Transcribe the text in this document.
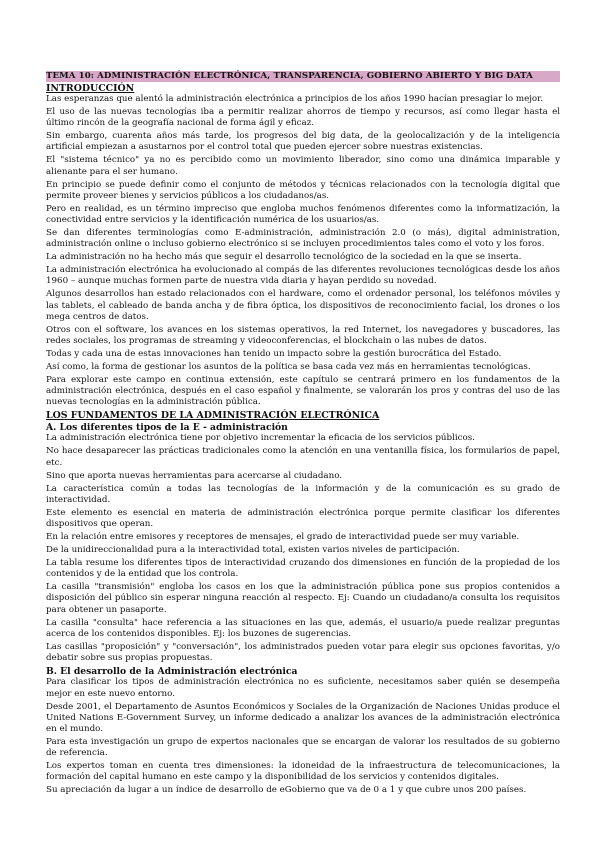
TEMA 10: ADMINISTRACIÓN ELECTRÓNICA, TRANSPARENCIA, GOBIERNO ABIERTO Y BIG DATA
INTRODUCCIÓN

Las esperanzas que alentó la administración electrónica a principios de los años 1990 hacían presagiar lo mejor.

El uso de las nuevas tecnologías iba a permitir realizar ahorros de tiempo y recursos, así como llegar hasta el último rincón de la geografía nacional de forma ágil y eficaz.

Sin embargo, cuarenta años más tarde, los progresos del big data, de la geolocalización y de la inteligencia artificial empiezan a asustarnos por el control total que pueden ejercer sobre nuestras existencias.

El "sistema técnico" ya no es percibido como un movimiento liberador, sino como una dinámica imparable y alienante para el ser humano.

En principio se puede definir como el conjunto de métodos y técnicas relacionados con la tecnología digital que permite proveer bienes y servicios públicos a los ciudadanos/as.

Pero en realidad, es un término impreciso que engloba muchos fenómenos diferentes como la informatización, la conectividad entre servicios y la identificación numérica de los usuarios/as.

Se dan diferentes terminologías como E-administración, administración 2.0 (o más), digital administration, administración online o incluso gobierno electrónico si se incluyen procedimientos tales como el voto y los foros.

La administración no ha hecho más que seguir el desarrollo tecnológico de la sociedad en la que se inserta.

La administración electrónica ha evolucionado al compás de las diferentes revoluciones tecnológicas desde los años 1960 – aunque muchas formen parte de nuestra vida diaria y hayan perdido su novedad.

Algunos desarrollos han estado relacionados con el hardware, como el ordenador personal, los teléfonos móviles y las tablets, el cableado de banda ancha y de fibra óptica, los dispositivos de reconocimiento facial, los drones o los mega centros de datos.

Otros con el software, los avances en los sistemas operativos, la red Internet, los navegadores y buscadores, las redes sociales, los programas de streaming y videoconferencias, el blockchain o las nubes de datos.

Todas y cada una de estas innovaciones han tenido un impacto sobre la gestión burocrática del Estado.

Así como, la forma de gestionar los asuntos de la política se basa cada vez más en herramientas tecnológicas.

Para explorar este campo en continua extensión, este capítulo se centrará primero en los fundamentos de la administración electrónica, después en el caso español y finalmente, se valorarán los pros y contras del uso de las nuevas tecnologías en la administración pública.

LOS FUNDAMENTOS DE LA ADMINISTRACIÓN ELECTRÓNICA
A. Los diferentes tipos de la E - administración

La administración electrónica tiene por objetivo incrementar la eficacia de los servicios públicos.

No hace desaparecer las prácticas tradicionales como la atención en una ventanilla física, los formularios de papel, etc.

Sino que aporta nuevas herramientas para acercarse al ciudadano.

La característica común a todas las tecnologías de la información y de la comunicación es su grado de interactividad.

Este elemento es esencial en materia de administración electrónica porque permite clasificar los diferentes dispositivos que operan.

En la relación entre emisores y receptores de mensajes, el grado de interactividad puede ser muy variable.

De la unidireccionalidad pura a la interactividad total, existen varios niveles de participación.

La tabla resume los diferentes tipos de interactividad cruzando dos dimensiones en función de la propiedad de los contenidos y de la entidad que los controla.

La casilla "transmisión" engloba los casos en los que la administración pública pone sus propios contenidos a disposición del público sin esperar ninguna reacción al respecto. Ej: Cuando un ciudadano/a consulta los requisitos para obtener un pasaporte.

La casilla "consulta" hace referencia a las situaciones en las que, además, el usuario/a puede realizar preguntas acerca de los contenidos disponibles. Ej: los buzones de sugerencias.

Las casillas "proposición" y "conversación", los administrados pueden votar para elegir sus opciones favoritas, y/o debatir sobre sus propias propuestas.

B. El desarrollo de la Administración electrónica

Para clasificar los tipos de administración electrónica no es suficiente, necesitamos saber quién se desempeña mejor en este nuevo entorno.

Desde 2001, el Departamento de Asuntos Económicos y Sociales de la Organización de Naciones Unidas produce el United Nations E-Government Survey, un informe dedicado a analizar los avances de la administración electrónica en el mundo.

Para esta investigación un grupo de expertos nacionales que se encargan de valorar los resultados de su gobierno de referencia.

Los expertos toman en cuenta tres dimensiones: la idoneidad de la infraestructura de telecomunicaciones, la formación del capital humano en este campo y la disponibilidad de los servicios y contenidos digitales.

Su apreciación da lugar a un índice de desarrollo de eGobierno que va de 0 a 1 y que cubre unos 200 países.
